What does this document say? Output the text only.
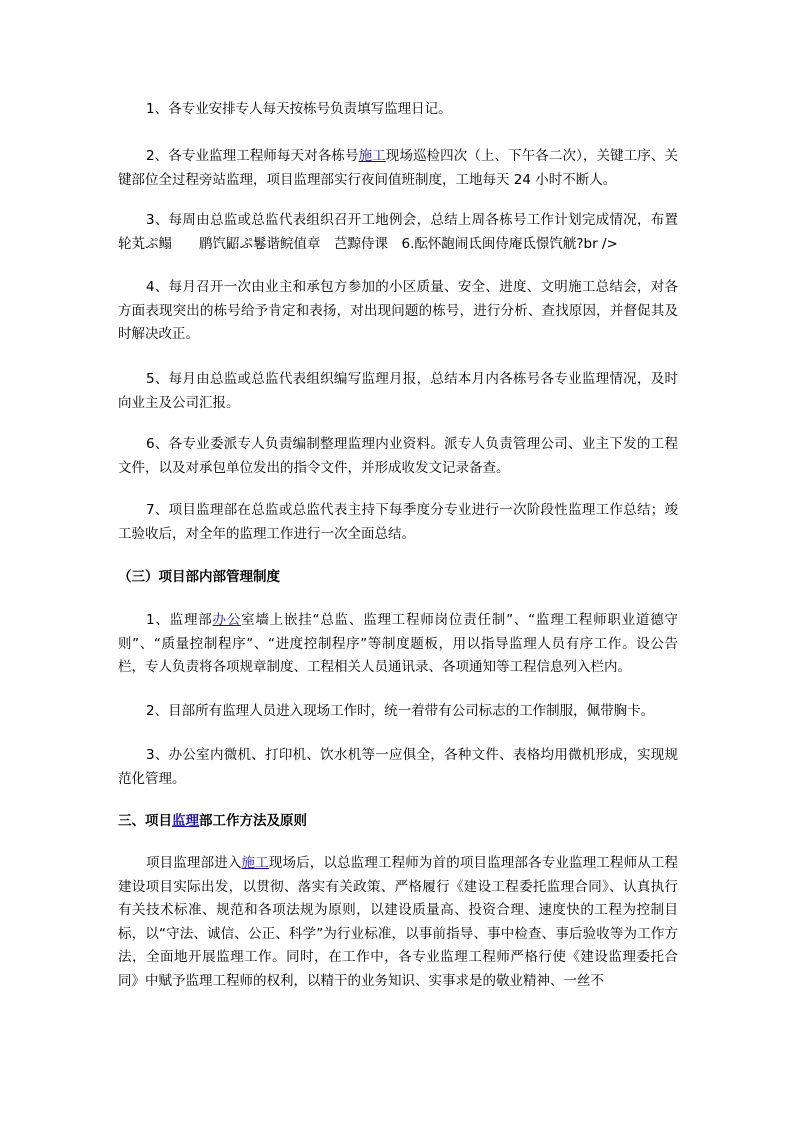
1、各专业安排专人每天按栋号负责填写监理日记。
2、各专业监理工程师每天对各栋号施工现场巡检四次（上、下午各二次），关键工序、关键部位全过程旁站监理，项目监理部实行夜间值班制度，工地每天 24 小时不断人。
3、每周由总监或总监代表组织召开工地例会，总结上周各栋号工作计划完成情况，布置轮芄ぷ鳎　　鹛饩鼦ぷ鬈谐鲩值章　芑黥侍课　6.酝怀龅闹氐闽侍庵氐憬饩觥?br />
4、每月召开一次由业主和承包方参加的小区质量、安全、进度、文明施工总结会，对各方面表现突出的栋号给予肯定和表扬，对出现问题的栋号，进行分析、查找原因，并督促其及时解决改正。
5、每月由总监或总监代表组织编写监理月报，总结本月内各栋号各专业监理情况，及时向业主及公司汇报。
6、各专业委派专人负责编制整理监理内业资料。派专人负责管理公司、业主下发的工程文件，以及对承包单位发出的指令文件，并形成收发文记录备查。
7、项目监理部在总监或总监代表主持下每季度分专业进行一次阶段性监理工作总结；竣工验收后，对全年的监理工作进行一次全面总结。
（三）项目部内部管理制度
1、监理部办公室墙上嵌挂“总监、监理工程师岗位责任制”、“监理工程师职业道德守则”、“质量控制程序”、“进度控制程序”等制度题板，用以指导监理人员有序工作。设公告栏，专人负责将各项规章制度、工程相关人员通讯录、各项通知等工程信息列入栏内。
2、目部所有监理人员进入现场工作时，统一着带有公司标志的工作制服，佩带胸卡。
3、办公室内微机、打印机、饮水机等一应俱全，各种文件、表格均用微机形成，实现规范化管理。
三、项目监理部工作方法及原则
项目监理部进入施工现场后，以总监理工程师为首的项目监理部各专业监理工程师从工程建设项目实际出发，以贯彻、落实有关政策、严格履行《建设工程委托监理合同》、认真执行有关技术标准、规范和各项法规为原则，以建设质量高、投资合理、速度快的工程为控制目标，以“守法、诚信、公正、科学”为行业标准，以事前指导、事中检查、事后验收等为工作方法，全面地开展监理工作。同时，在工作中，各专业监理工程师严格行使《建设监理委托合同》中赋予监理工程师的权利，以精干的业务知识、实事求是的敬业精神、一丝不
